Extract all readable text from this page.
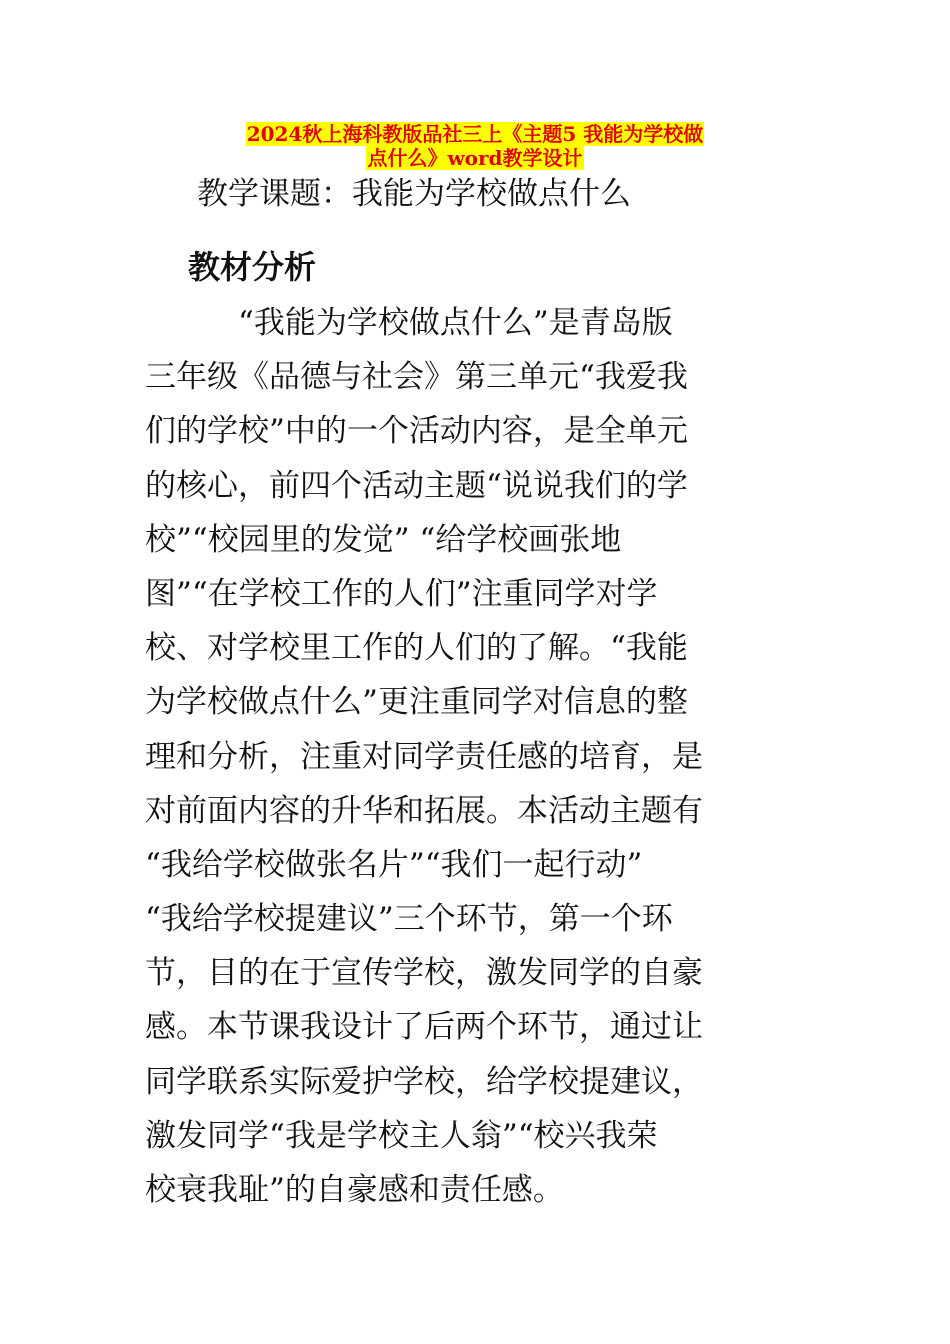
2024秋上海科教版品社三上《主题5 我能为学校做
点什么》word教学设计
教学课题：我能为学校做点什么
教材分析
　　　“我能为学校做点什么”是青岛版
三年级《品德与社会》第三单元“我爱我
们的学校”中的一个活动内容，是全单元
的核心，前四个活动主题“说说我们的学
校”“校园里的发觉” “给学校画张地
图”“在学校工作的人们”注重同学对学
校、对学校里工作的人们的了解。“我能
为学校做点什么”更注重同学对信息的整
理和分析，注重对同学责任感的培育，是
对前面内容的升华和拓展。本活动主题有
“我给学校做张名片”“我们一起行动”
“我给学校提建议”三个环节，第一个环
节，目的在于宣传学校，激发同学的自豪
感。本节课我设计了后两个环节，通过让
同学联系实际爱护学校，给学校提建议，
激发同学“我是学校主人翁”“校兴我荣
校衰我耻”的自豪感和责任感。
